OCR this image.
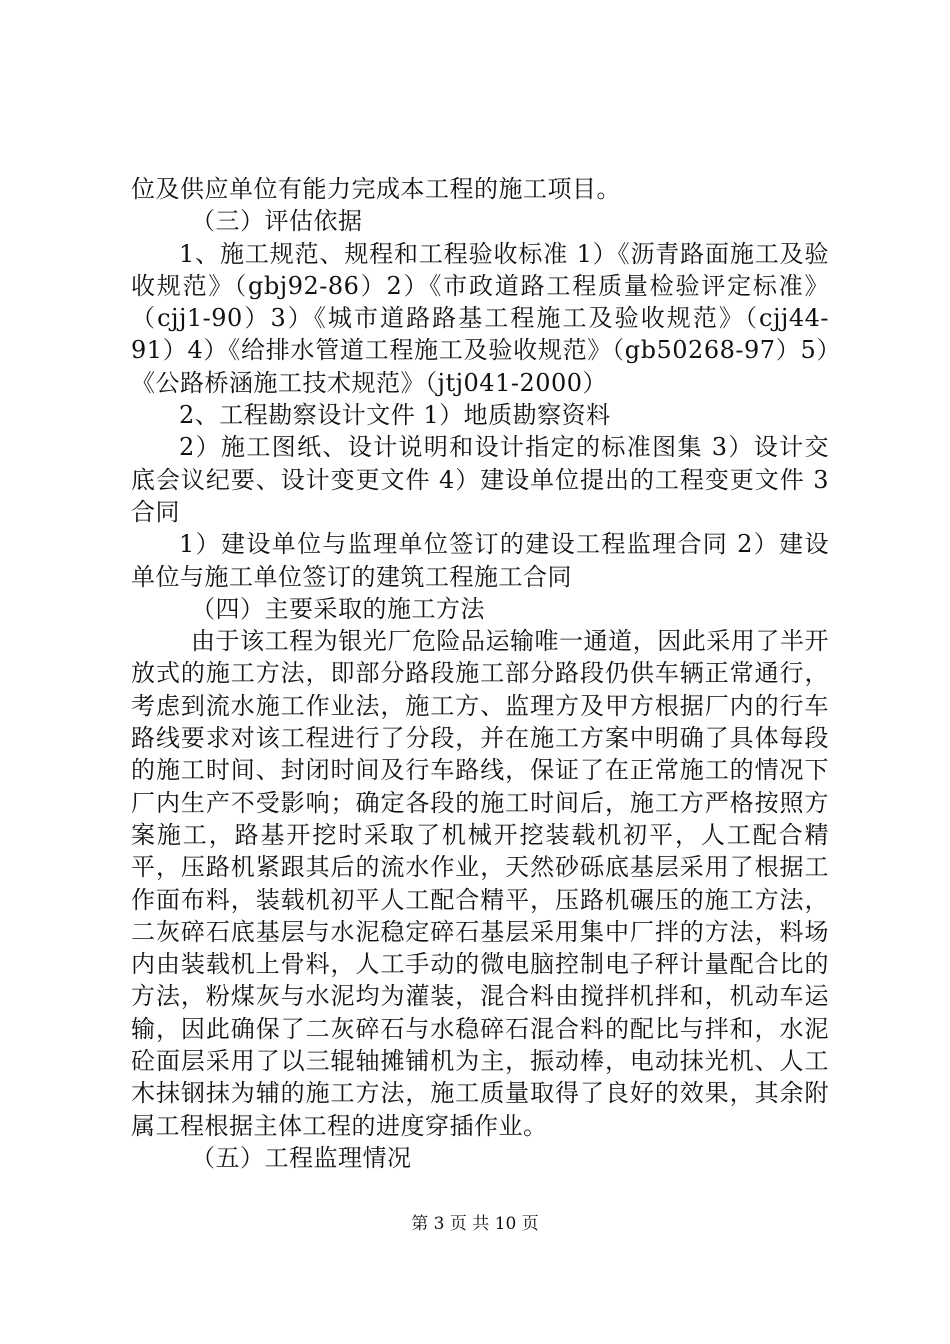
位及供应单位有能力完成本工程的施工项目。

（三）评估依据

1、施工规范、规程和工程验收标准 1）《沥青路面施工及验收规范》（gbj92-86）2）《市政道路工程质量检验评定标准》（cjj1-90）3）《城市道路路基工程施工及验收规范》（cjj44-91）4）《给排水管道工程施工及验收规范》（gb50268-97）5）《公路桥涵施工技术规范》（jtj041-2000）

2、工程勘察设计文件 1）地质勘察资料

2）施工图纸、设计说明和设计指定的标准图集 3）设计交底会议纪要、设计变更文件 4）建设单位提出的工程变更文件 3 合同

1）建设单位与监理单位签订的建设工程监理合同 2）建设单位与施工单位签订的建筑工程施工合同

（四）主要采取的施工方法

由于该工程为银光厂危险品运输唯一通道，因此采用了半开放式的施工方法，即部分路段施工部分路段仍供车辆正常通行，考虑到流水施工作业法，施工方、监理方及甲方根据厂内的行车路线要求对该工程进行了分段，并在施工方案中明确了具体每段的施工时间、封闭时间及行车路线，保证了在正常施工的情况下厂内生产不受影响；确定各段的施工时间后，施工方严格按照方案施工，路基开挖时采取了机械开挖装载机初平，人工配合精平，压路机紧跟其后的流水作业，天然砂砾底基层采用了根据工作面布料，装载机初平人工配合精平，压路机碾压的施工方法，二灰碎石底基层与水泥稳定碎石基层采用集中厂拌的方法，料场内由装载机上骨料，人工手动的微电脑控制电子秤计量配合比的方法，粉煤灰与水泥均为灌装，混合料由搅拌机拌和，机动车运输，因此确保了二灰碎石与水稳碎石混合料的配比与拌和，水泥砼面层采用了以三辊轴摊铺机为主，振动棒，电动抹光机、人工木抹钢抹为辅的施工方法，施工质量取得了良好的效果，其余附属工程根据主体工程的进度穿插作业。

（五）工程监理情况

第 3 页 共 10 页
